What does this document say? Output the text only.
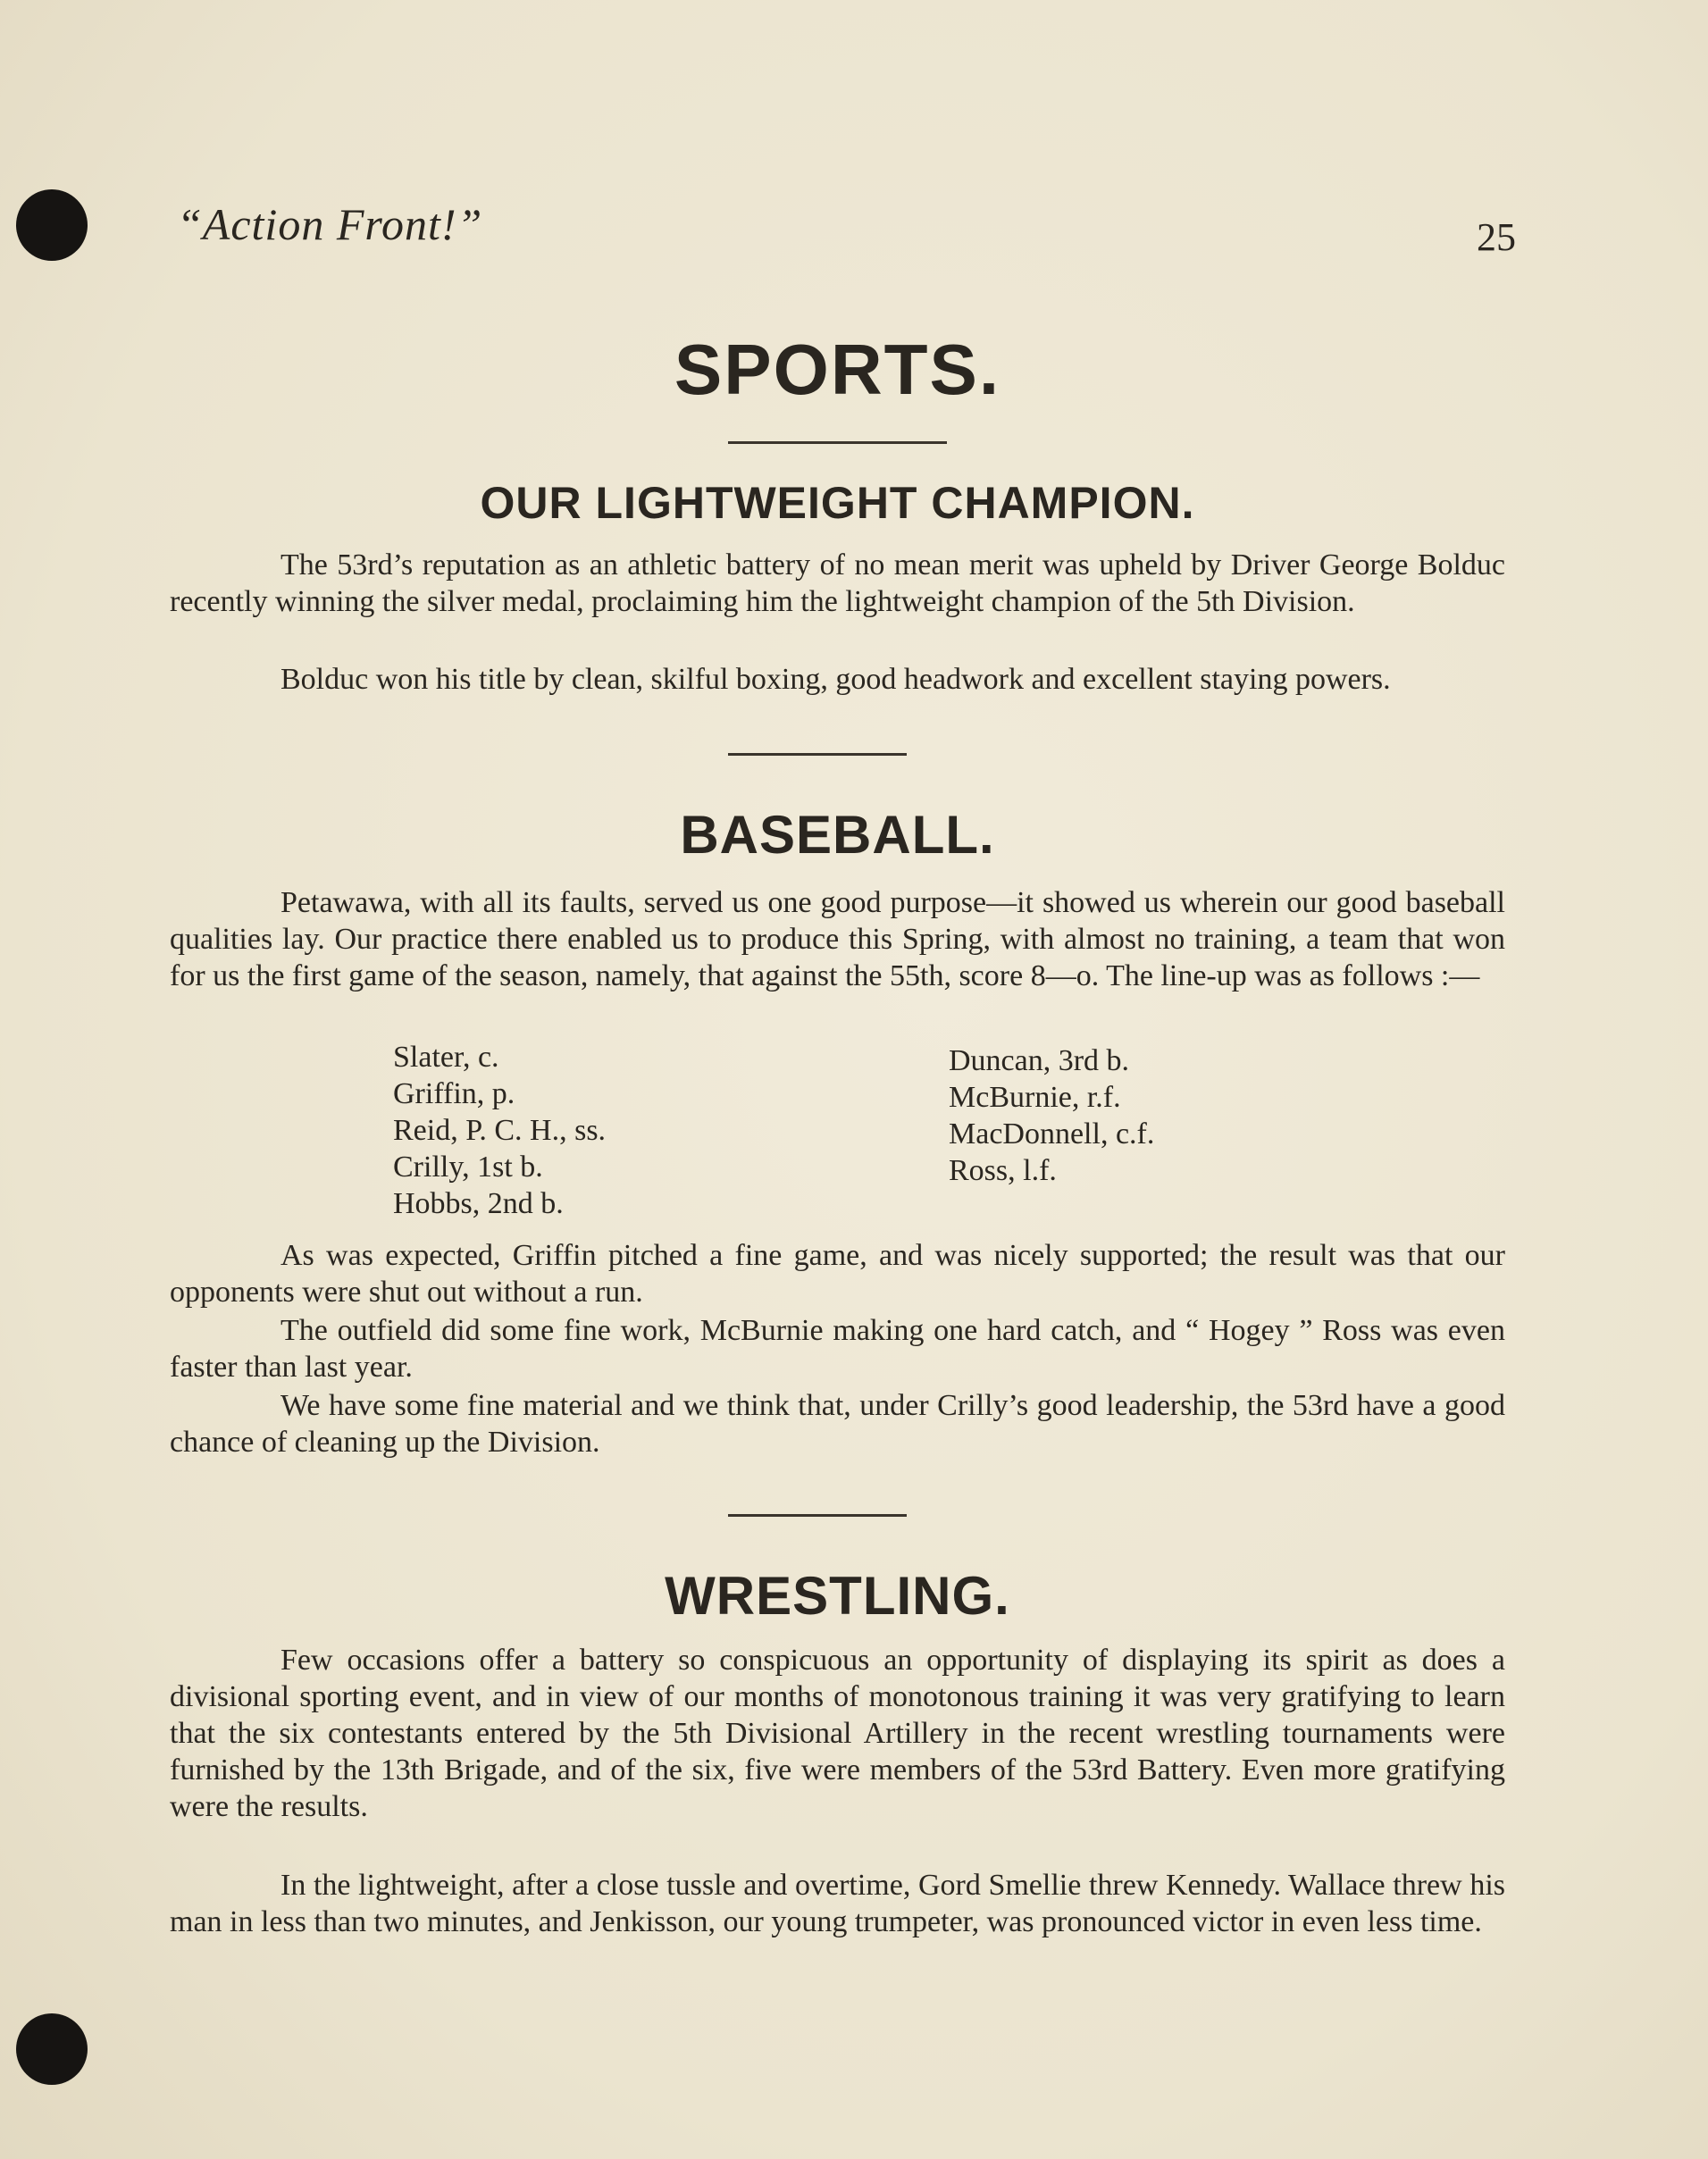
“Action Front!”	25
SPORTS.
OUR LIGHTWEIGHT CHAMPION.

The 53rd’s reputation as an athletic battery of no mean merit was upheld by Driver George Bolduc recently winning the silver medal, proclaiming him the lightweight champion of the 5th Division.

Bolduc won his title by clean, skilful boxing, good headwork and excellent staying powers.

BASEBALL.

Petawawa, with all its faults, served us one good purpose—it showed us wherein our good baseball qualities lay. Our practice there enabled us to produce this Spring, with almost no training, a team that won for us the first game of the season, namely, that against the 55th, score 8—o. The line-up was as follows :—

Slater, c.
Griffin, p.
Reid, P. C. H., ss.
Crilly, 1st b.
Hobbs, 2nd b.
Duncan, 3rd b.
McBurnie, r.f.
MacDonnell, c.f.
Ross, l.f.

As was expected, Griffin pitched a fine game, and was nicely supported; the result was that our opponents were shut out without a run.

The outfield did some fine work, McBurnie making one hard catch, and “ Hogey ” Ross was even faster than last year.

We have some fine material and we think that, under Crilly’s good leadership, the 53rd have a good chance of cleaning up the Division.

WRESTLING.

Few occasions offer a battery so conspicuous an opportunity of displaying its spirit as does a divisional sporting event, and in view of our months of monotonous training it was very gratifying to learn that the six contestants entered by the 5th Divisional Artillery in the recent wrestling tournaments were furnished by the 13th Brigade, and of the six, five were members of the 53rd Battery. Even more gratifying were the results.

In the lightweight, after a close tussle and overtime, Gord Smellie threw Kennedy. Wallace threw his man in less than two minutes, and Jenkisson, our young trumpeter, was pronounced victor in even less time.
